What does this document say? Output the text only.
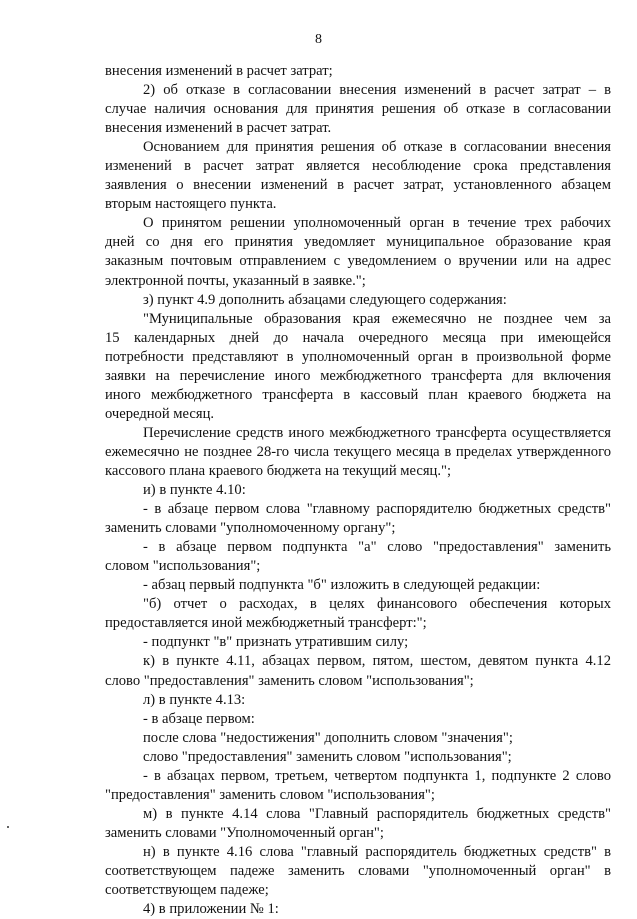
8
внесения изменений в расчет затрат;
2) об отказе в согласовании внесения изменений в расчет затрат – в
случае наличия основания для принятия решения об отказе в согласовании
внесения изменений в расчет затрат.
Основанием для принятия решения об отказе в согласовании внесения
изменений в расчет затрат является несоблюдение срока представления
заявления о внесении изменений в расчет затрат, установленного абзацем
вторым настоящего пункта.
О принятом решении уполномоченный орган в течение трех рабочих
дней со дня его принятия уведомляет муниципальное образование края
заказным почтовым отправлением с уведомлением о вручении или на адрес
электронной почты, указанный в заявке.";
з) пункт 4.9 дополнить абзацами следующего содержания:
"Муниципальные образования края ежемесячно не позднее чем за
15 календарных дней до начала очередного месяца при имеющейся
потребности представляют в уполномоченный орган в произвольной форме
заявки на перечисление иного межбюджетного трансферта для включения
иного межбюджетного трансферта в кассовый план краевого бюджета на
очередной месяц.
Перечисление средств иного межбюджетного трансферта осуществляется
ежемесячно не позднее 28-го числа текущего месяца в пределах утвержденного
кассового плана краевого бюджета на текущий месяц.";
и) в пункте 4.10:
- в абзаце первом слова "главному распорядителю бюджетных средств"
заменить словами "уполномоченному органу";
- в абзаце первом подпункта "а" слово "предоставления" заменить
словом "использования";
- абзац первый подпункта "б" изложить в следующей редакции:
"б) отчет о расходах, в целях финансового обеспечения которых
предоставляется иной межбюджетный трансферт:";
- подпункт "в" признать утратившим силу;
к) в пункте 4.11, абзацах первом, пятом, шестом, девятом пункта 4.12
слово "предоставления" заменить словом "использования";
л) в пункте 4.13:
- в абзаце первом:
после слова "недостижения" дополнить словом "значения";
слово "предоставления" заменить словом "использования";
- в абзацах первом, третьем, четвертом подпункта 1, подпункте 2 слово
"предоставления" заменить словом "использования";
м) в пункте 4.14 слова "Главный распорядитель бюджетных средств"
заменить словами "Уполномоченный орган";
н) в пункте 4.16 слова "главный распорядитель бюджетных средств" в
соответствующем падеже заменить словами "уполномоченный орган" в
соответствующем падеже;
4) в приложении № 1:
